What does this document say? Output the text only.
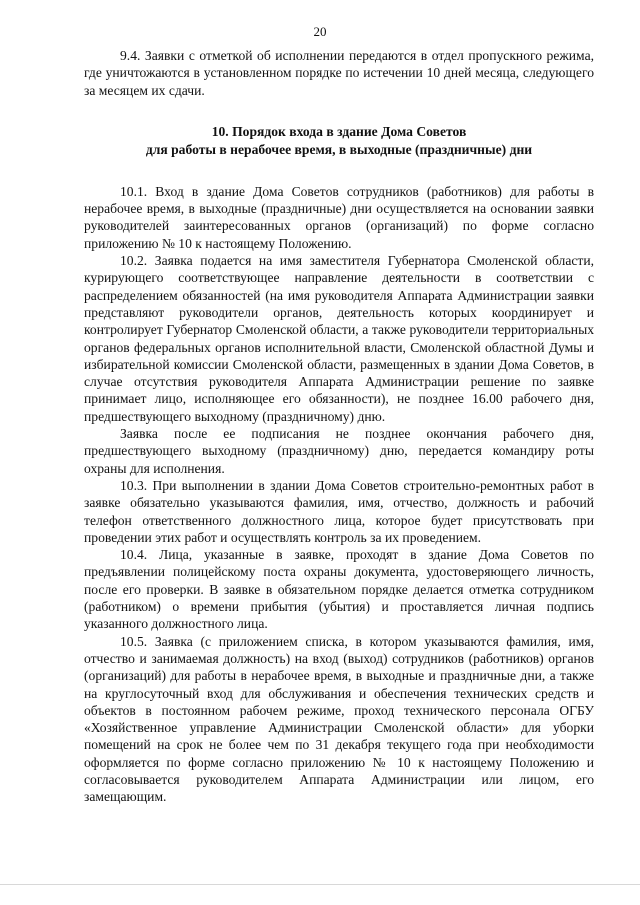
20

9.4. Заявки с отметкой об исполнении передаются в отдел пропускного режима, где уничтожаются в установленном порядке по истечении 10 дней месяца, следующего за месяцем их сдачи.

10. Порядок входа в здание Дома Советов
для работы в нерабочее время, в выходные (праздничные) дни

10.1. Вход в здание Дома Советов сотрудников (работников) для работы в нерабочее время, в выходные (праздничные) дни осуществляется на основании заявки руководителей заинтересованных органов (организаций) по форме согласно приложению № 10 к настоящему Положению.

10.2. Заявка подается на имя заместителя Губернатора Смоленской области, курирующего соответствующее направление деятельности в соответствии с распределением обязанностей (на имя руководителя Аппарата Администрации заявки представляют руководители органов, деятельность которых координирует и контролирует Губернатор Смоленской области, а также руководители территориальных органов федеральных органов исполнительной власти, Смоленской областной Думы и избирательной комиссии Смоленской области, размещенных в здании Дома Советов, в случае отсутствия руководителя Аппарата Администрации решение по заявке принимает лицо, исполняющее его обязанности), не позднее 16.00 рабочего дня, предшествующего выходному (праздничному) дню.

Заявка после ее подписания не позднее окончания рабочего дня, предшествующего выходному (праздничному) дню, передается командиру роты охраны для исполнения.

10.3. При выполнении в здании Дома Советов строительно-ремонтных работ в заявке обязательно указываются фамилия, имя, отчество, должность и рабочий телефон ответственного должностного лица, которое будет присутствовать при проведении этих работ и осуществлять контроль за их проведением.

10.4. Лица, указанные в заявке, проходят в здание Дома Советов по предъявлении полицейскому поста охраны документа, удостоверяющего личность, после его проверки. В заявке в обязательном порядке делается отметка сотрудником (работником) о времени прибытия (убытия) и проставляется личная подпись указанного должностного лица.

10.5. Заявка (с приложением списка, в котором указываются фамилия, имя, отчество и занимаемая должность) на вход (выход) сотрудников (работников) органов (организаций) для работы в нерабочее время, в выходные и праздничные дни, а также на круглосуточный вход для обслуживания и обеспечения технических средств и объектов в постоянном рабочем режиме, проход технического персонала ОГБУ «Хозяйственное управление Администрации Смоленской области» для уборки помещений на срок не более чем по 31 декабря текущего года при необходимости оформляется по форме согласно приложению № 10 к настоящему Положению и согласовывается руководителем Аппарата Администрации или лицом, его замещающим.
